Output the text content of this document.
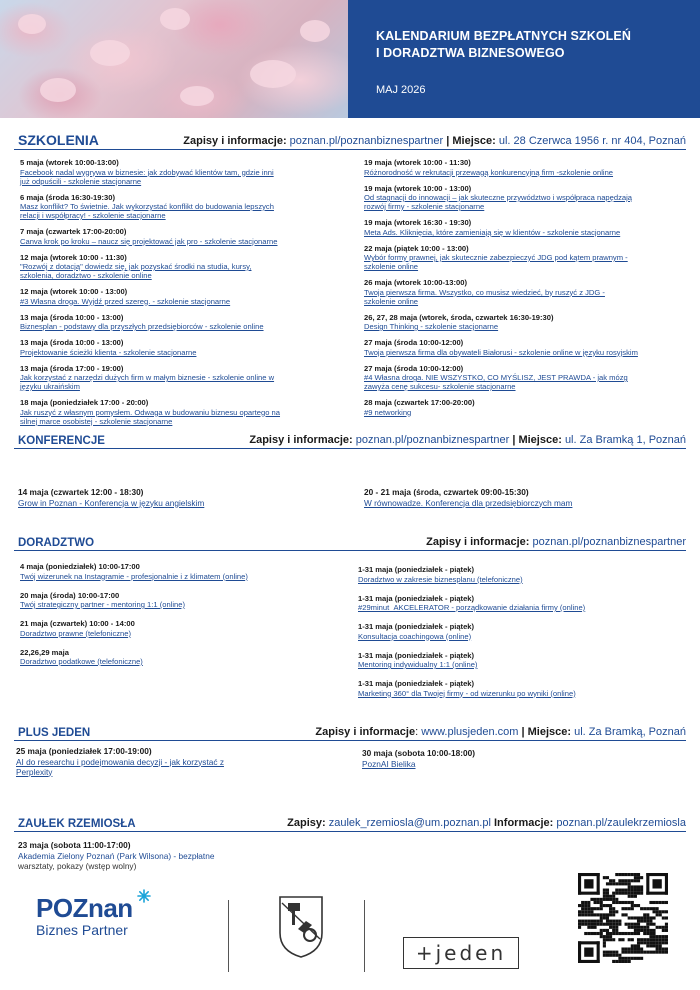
KALENDARIUM BEZPŁATNYCH SZKOLEŃ
I DORADZTWA BIZNESOWEGO
MAJ 2026
SZKOLENIA	Zapisy i informacje: poznan.pl/poznanbiznespartner | Miejsce: ul. 28 Czerwca 1956 r. nr 404, Poznań
5 maja (wtorek 10:00-13:00)
Facebook nadal wygrywa w biznesie: jak zdobywać klientów tam, gdzie inni
już odpuścili - szkolenie stacjonarne
6 maja (środa 16:30-19:30)
Masz konflikt? To świetnie. Jak wykorzystać konflikt do budowania lepszych
relacji i współpracy! - szkolenie stacjonarne
7 maja (czwartek 17:00-20:00)
Canva krok po kroku – naucz się projektować jak pro - szkolenie stacjonarne
12 maja (wtorek 10:00 - 11:30)
"Rozwój z dotacją" dowiedz się, jak pozyskać środki na studia, kursy,
szkolenia, doradztwo - szkolenie online
12 maja (wtorek 10:00 - 13:00)
#3 Własna droga. Wyjdź przed szereg. - szkolenie stacjonarne
13 maja (środa 10:00 - 13:00)
Biznesplan - podstawy dla przyszłych przedsiębiorców - szkolenie online
13 maja (środa 10:00 - 13:00)
Projektowanie ścieżki klienta - szkolenie stacjonarne
13 maja (środa 17:00 - 19:00)
Jak korzystać z narzędzi dużych firm w małym biznesie - szkolenie online w
języku ukraińskim
18 maja (poniedziałek 17:00 - 20:00)
Jak ruszyć z własnym pomysłem. Odwaga w budowaniu biznesu opartego na
silnej marce osobistej - szkolenie stacjonarne
19 maja (wtorek 10:00 - 11:30)
Różnorodność w rekrutacji przewagą konkurencyjną firm -szkolenie online
19 maja (wtorek 10:00 - 13:00)
Od stagnacji do innowacji – jak skuteczne przywództwo i współpraca napędzają
rozwój firmy - szkolenie stacjonarne
19 maja (wtorek 16:30 - 19:30)
Meta Ads. Kliknięcia, które zamieniają się w klientów - szkolenie stacjonarne
22 maja (piątek 10:00 - 13:00)
Wybór formy prawnej, jak skutecznie zabezpieczyć JDG pod kątem prawnym -
szkolenie online
26 maja (wtorek 10:00-13:00)
Twoja pierwsza firma. Wszystko, co musisz wiedzieć, by ruszyć z JDG -
szkolenie online
26, 27, 28 maja (wtorek, środa, czwartek 16:30-19:30)
Design Thinking - szkolenie stacjonarne
27 maja (środa 10:00-12:00)
Twoja pierwsza firma dla obywateli Białorusi - szkolenie online w języku rosyjskim
27 maja (środa 10:00-12:00)
#4 Własna droga. NIE WSZYSTKO, CO MYŚLISZ, JEST PRAWDA - jak mózg
zawyża cenę sukcesu- szkolenie stacjonarne
28 maja (czwartek 17:00-20:00)
#9 networking
KONFERENCJE	Zapisy i informacje: poznan.pl/poznanbiznespartner | Miejsce: ul. Za Bramką 1, Poznań
14 maja (czwartek 12:00 - 18:30)
Grow in Poznan - Konferencja w języku angielskim
20 - 21 maja (środa, czwartek 09:00-15:30)
W równowadze. Konferencja dla przedsiębiorczych mam
DORADZTWO	Zapisy i informacje: poznan.pl/poznanbiznespartner
4 maja (poniedziałek) 10:00-17:00
Twój wizerunek na Instagramie - profesjonalnie i z klimatem (online)
20 maja (środa) 10:00-17:00
Twój strategiczny partner - mentoring 1:1 (online)
21 maja (czwartek) 10:00 - 14:00
Doradztwo prawne (telefoniczne)
22,26,29 maja
Doradztwo podatkowe (telefoniczne)
1-31 maja (poniedziałek - piątek)
Doradztwo w zakresie biznesplanu (telefoniczne)
1-31 maja (poniedziałek - piątek)
#29minut_AKCELERATOR - porządkowanie działania firmy (online)
1-31 maja (poniedziałek - piątek)
Konsultacja coachingowa (online)
1-31 maja (poniedziałek - piątek)
Mentoring indywidualny 1:1 (online)
1-31 maja (poniedziałek - piątek)
Marketing 360° dla Twojej firmy - od wizerunku po wyniki (online)
PLUS JEDEN	Zapisy i informacje: www.plusjeden.com | Miejsce: ul. Za Bramką, Poznań
25 maja (poniedziałek 17:00-19:00)
AI do researchu i podejmowania decyzji - jak korzystać z
Perplexity
30 maja (sobota 10:00-18:00)
PoznAI Bielika
ZAUŁEK RZEMIOSŁA	Zapisy: zaulek_rzemiosla@um.poznan.pl Informacje: poznan.pl/zaulekrzemiosla
23 maja (sobota 11:00-17:00)
Akademia Zielony Poznań (Park Wilsona) - bezpłatne
warsztaty, pokazy (wstęp wolny)
POZnan
Biznes Partner
+jeden
